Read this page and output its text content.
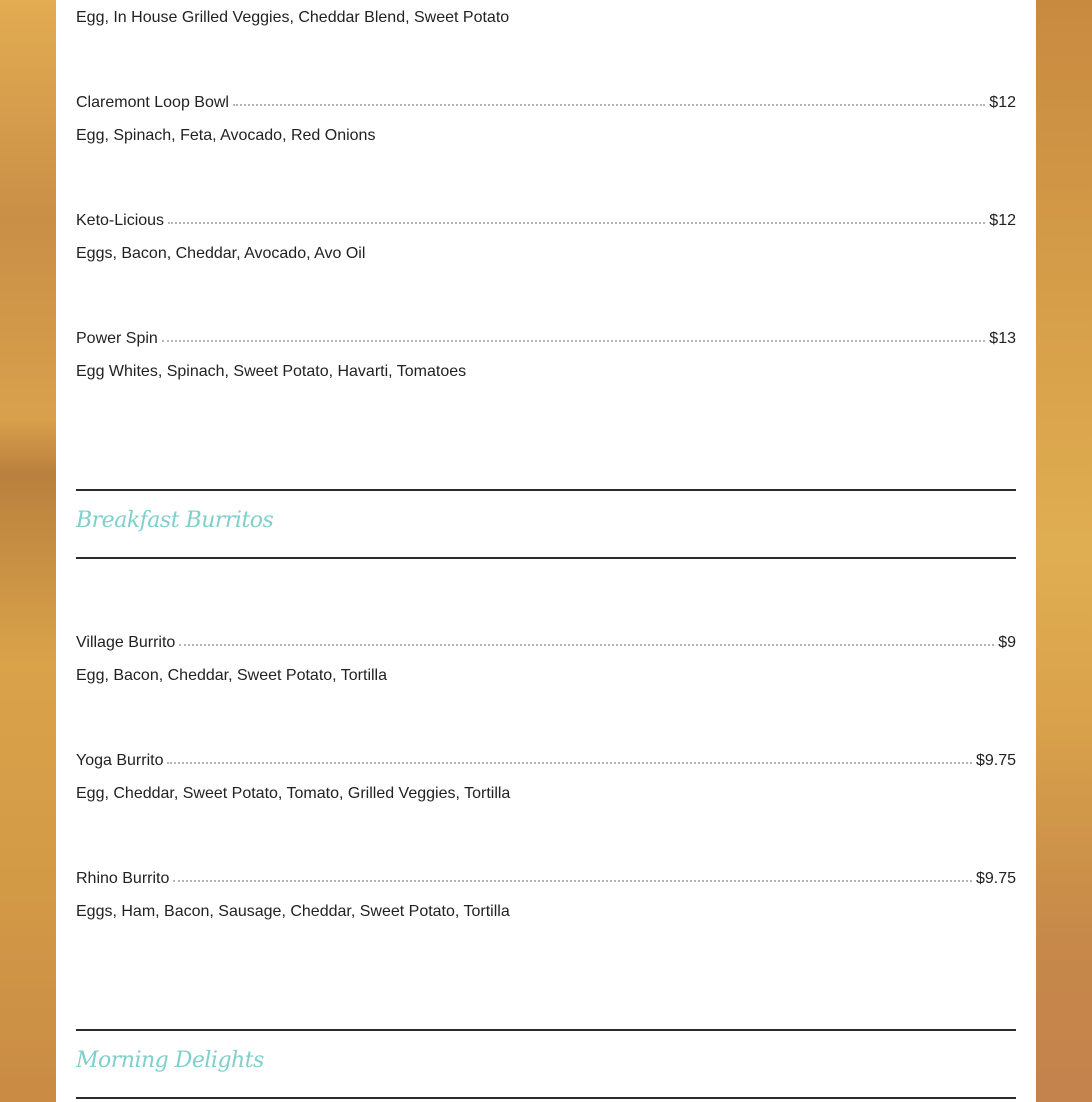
Egg, In House Grilled Veggies, Cheddar Blend, Sweet Potato
Claremont Loop Bowl	$12
Egg, Spinach, Feta, Avocado, Red Onions
Keto-Licious	$12
Eggs, Bacon, Cheddar, Avocado, Avo Oil
Power Spin	$13
Egg Whites, Spinach, Sweet Potato, Havarti, Tomatoes
Breakfast Burritos
Village Burrito	$9
Egg, Bacon, Cheddar, Sweet Potato, Tortilla
Yoga Burrito	$9.75
Egg, Cheddar, Sweet Potato, Tomato, Grilled Veggies, Tortilla
Rhino Burrito	$9.75
Eggs, Ham, Bacon, Sausage, Cheddar, Sweet Potato, Tortilla
Morning Delights
